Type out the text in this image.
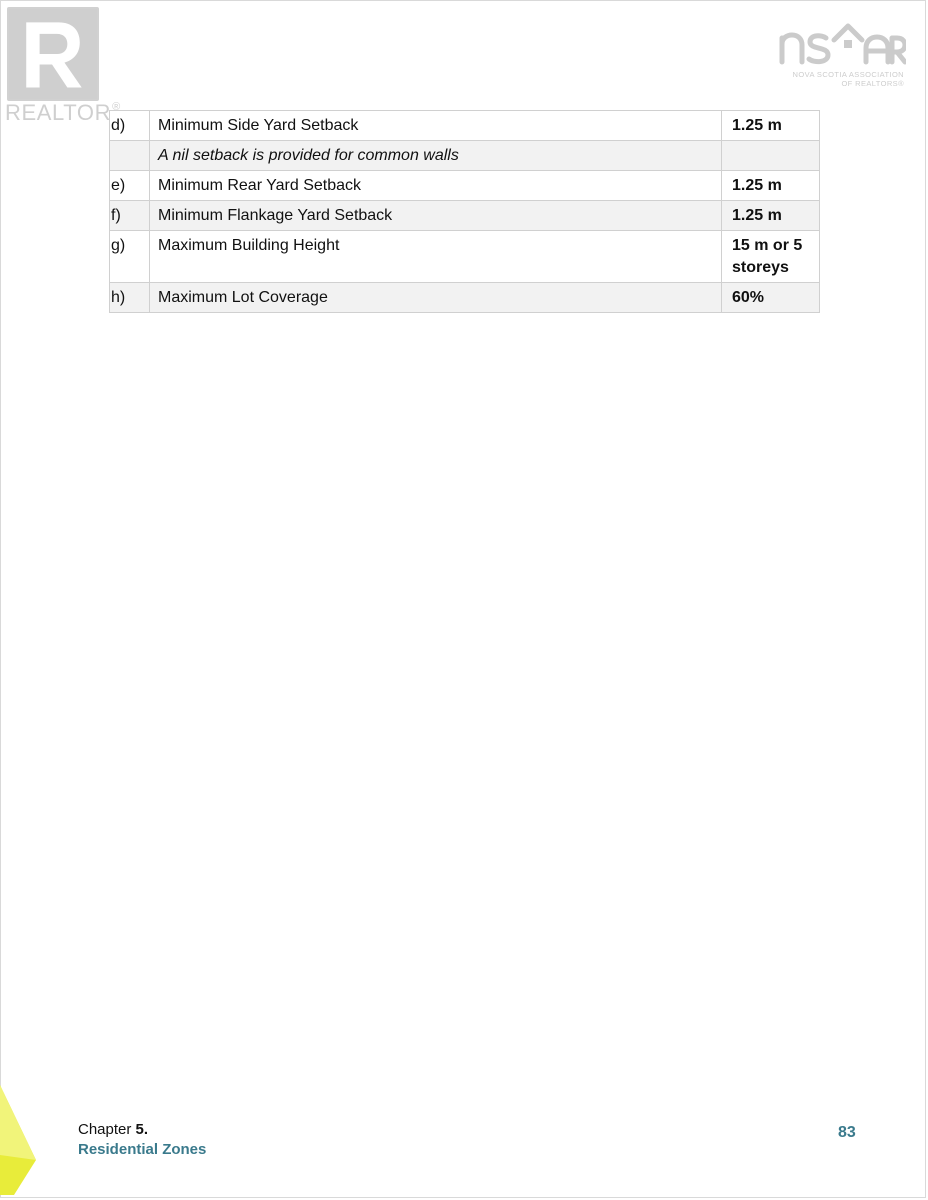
REALTOR®
NOVA SCOTIA ASSOCIATION
OF REALTORS®
d)	Minimum Side Yard Setback	1.25 m
	A nil setback is provided for common walls	
e)	Minimum Rear Yard Setback	1.25 m
f)	Minimum Flankage Yard Setback	1.25 m
g)	Maximum Building Height	15 m or 5 storeys
h)	Maximum Lot Coverage	60%
Chapter 5.
Residential Zones
83
